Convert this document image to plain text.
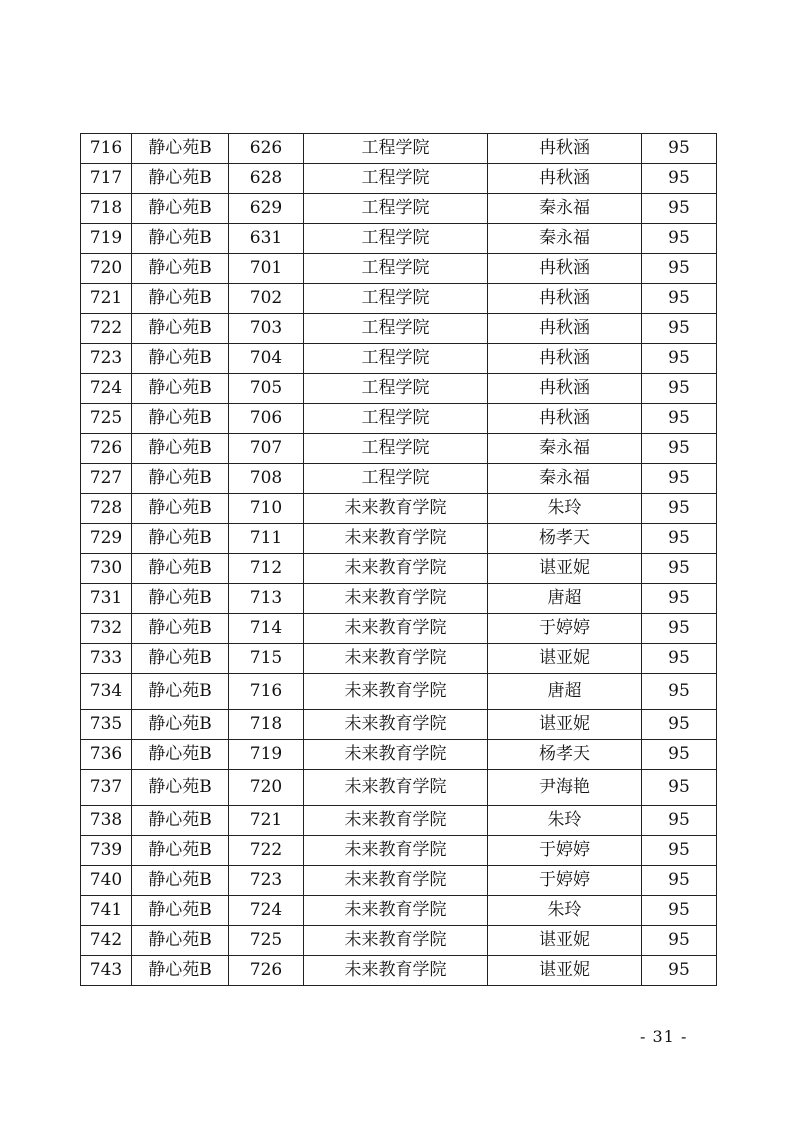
716	静心苑B	626	工程学院	冉秋涵	95
717	静心苑B	628	工程学院	冉秋涵	95
718	静心苑B	629	工程学院	秦永福	95
719	静心苑B	631	工程学院	秦永福	95
720	静心苑B	701	工程学院	冉秋涵	95
721	静心苑B	702	工程学院	冉秋涵	95
722	静心苑B	703	工程学院	冉秋涵	95
723	静心苑B	704	工程学院	冉秋涵	95
724	静心苑B	705	工程学院	冉秋涵	95
725	静心苑B	706	工程学院	冉秋涵	95
726	静心苑B	707	工程学院	秦永福	95
727	静心苑B	708	工程学院	秦永福	95
728	静心苑B	710	未来教育学院	朱玲	95
729	静心苑B	711	未来教育学院	杨孝天	95
730	静心苑B	712	未来教育学院	谌亚妮	95
731	静心苑B	713	未来教育学院	唐超	95
732	静心苑B	714	未来教育学院	于婷婷	95
733	静心苑B	715	未来教育学院	谌亚妮	95
734	静心苑B	716	未来教育学院	唐超	95
735	静心苑B	718	未来教育学院	谌亚妮	95
736	静心苑B	719	未来教育学院	杨孝天	95
737	静心苑B	720	未来教育学院	尹海艳	95
738	静心苑B	721	未来教育学院	朱玲	95
739	静心苑B	722	未来教育学院	于婷婷	95
740	静心苑B	723	未来教育学院	于婷婷	95
741	静心苑B	724	未来教育学院	朱玲	95
742	静心苑B	725	未来教育学院	谌亚妮	95
743	静心苑B	726	未来教育学院	谌亚妮	95
- 31 -
